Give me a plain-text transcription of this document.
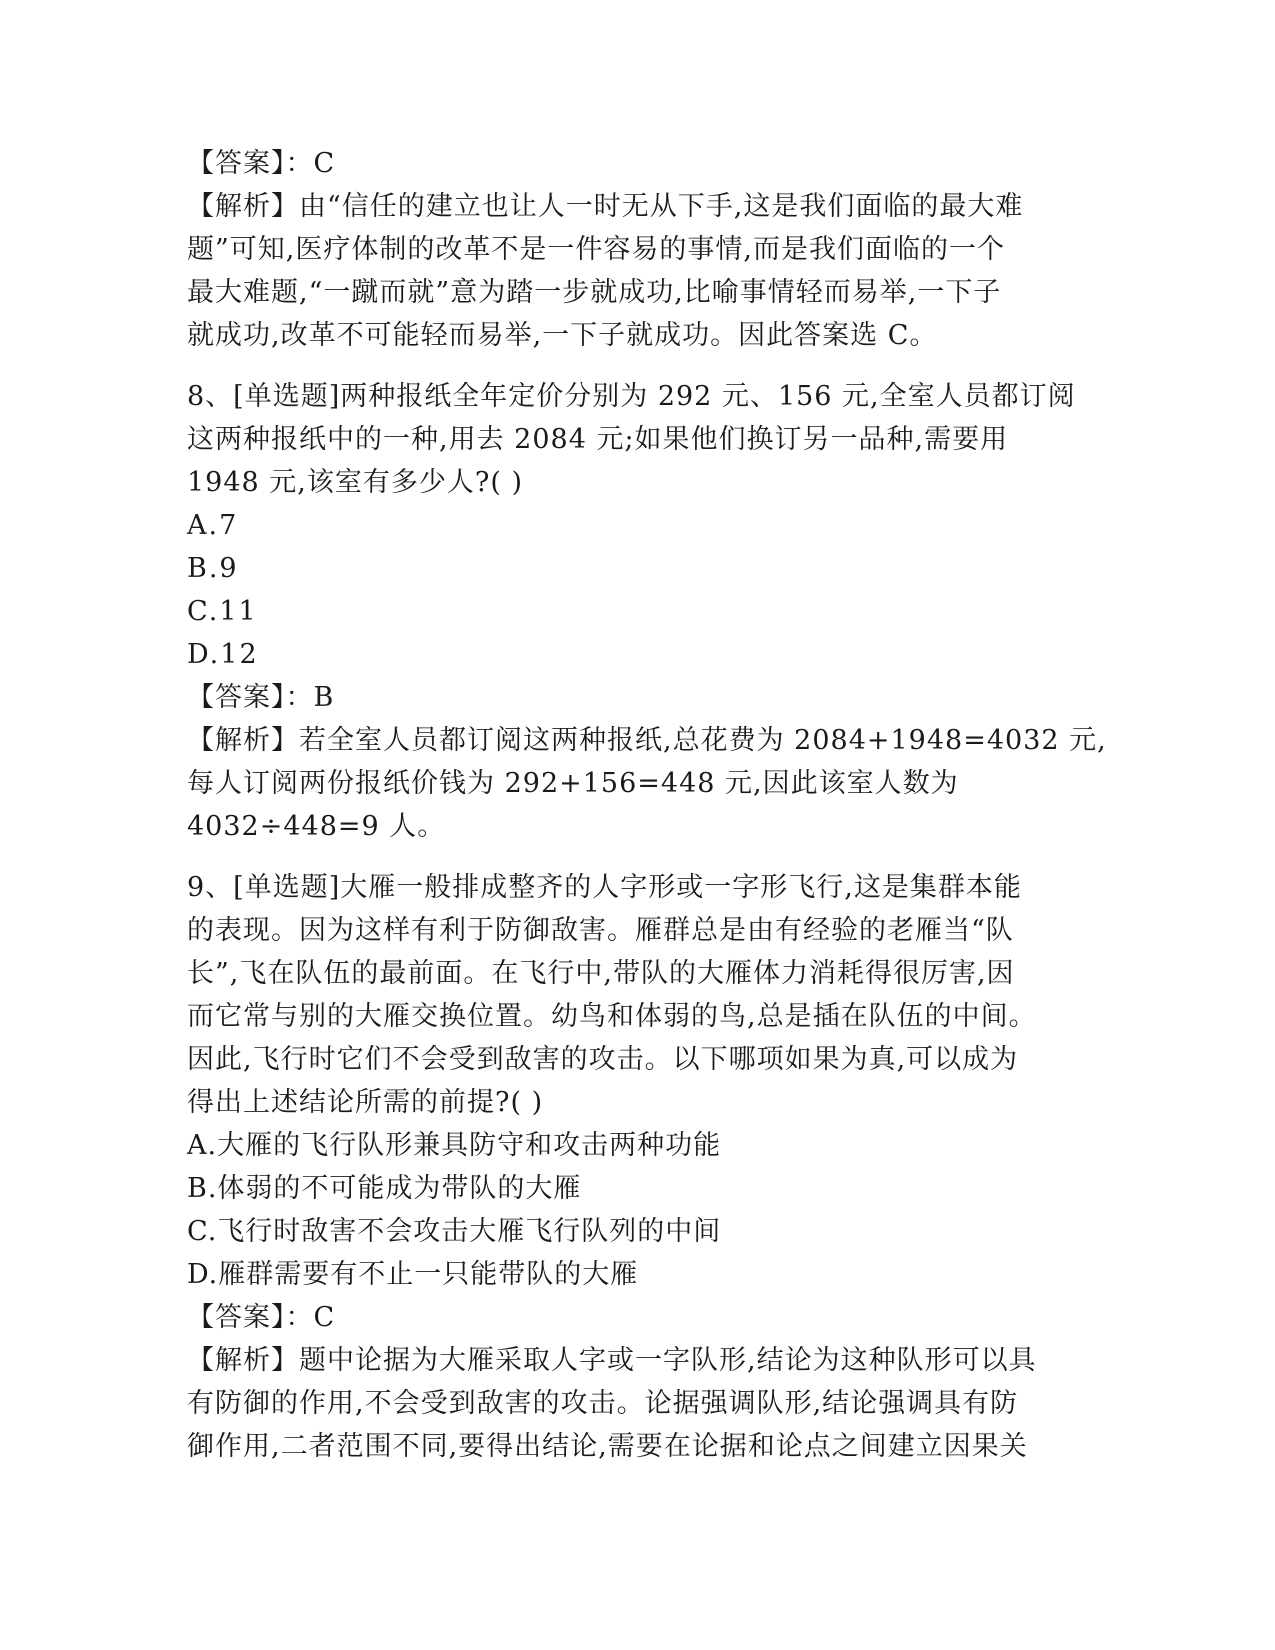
【答案】：C
【解析】由“信任的建立也让人一时无从下手,这是我们面临的最大难
题”可知,医疗体制的改革不是一件容易的事情,而是我们面临的一个
最大难题,“一蹴而就”意为踏一步就成功,比喻事情轻而易举,一下子
就成功,改革不可能轻而易举,一下子就成功。因此答案选 C。
8、[单选题]两种报纸全年定价分别为 292 元、156 元,全室人员都订阅
这两种报纸中的一种,用去 2084 元;如果他们换订另一品种,需要用
1948 元,该室有多少人?( )
A.7
B.9
C.11
D.12
【答案】：B
【解析】若全室人员都订阅这两种报纸,总花费为 2084+1948=4032 元,
每人订阅两份报纸价钱为 292+156=448 元,因此该室人数为
4032÷448=9 人。
9、[单选题]大雁一般排成整齐的人字形或一字形飞行,这是集群本能
的表现。因为这样有利于防御敌害。雁群总是由有经验的老雁当“队
长”,飞在队伍的最前面。在飞行中,带队的大雁体力消耗得很厉害,因
而它常与别的大雁交换位置。幼鸟和体弱的鸟,总是插在队伍的中间。
因此,飞行时它们不会受到敌害的攻击。以下哪项如果为真,可以成为
得出上述结论所需的前提?( )
A.大雁的飞行队形兼具防守和攻击两种功能
B.体弱的不可能成为带队的大雁
C.飞行时敌害不会攻击大雁飞行队列的中间
D.雁群需要有不止一只能带队的大雁
【答案】：C
【解析】题中论据为大雁采取人字或一字队形,结论为这种队形可以具
有防御的作用,不会受到敌害的攻击。论据强调队形,结论强调具有防
御作用,二者范围不同,要得出结论,需要在论据和论点之间建立因果关
